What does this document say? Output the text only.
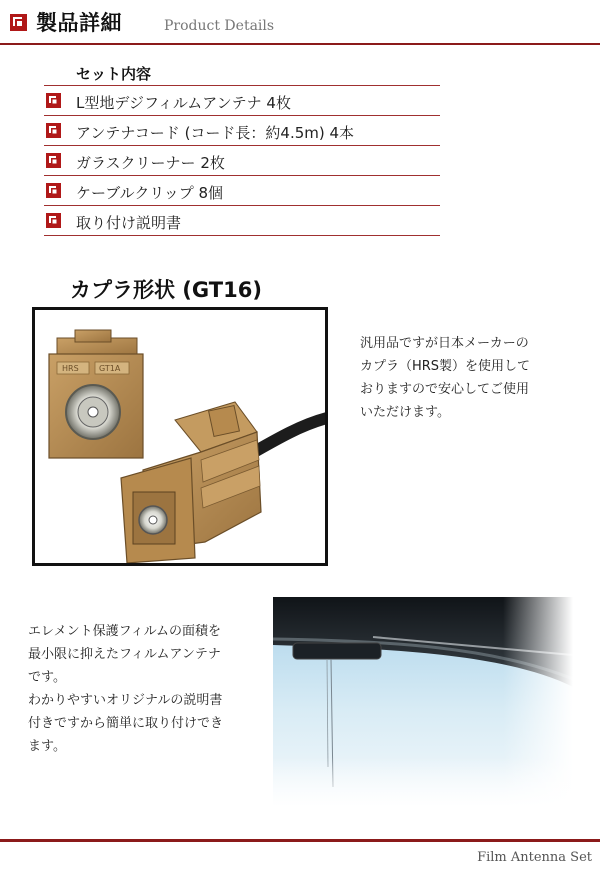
製品詳細	Product Details
セット内容
L型地デジフィルムアンテナ 4枚
アンテナコード (コード長：約4.5m) 4本
ガラスクリーナー 2枚
ケーブルクリップ 8個
取り付け説明書
カプラ形状 (GT16)
HRS	GT1A

汎用品ですが日本メーカーの

カプラ（HRS製）を使用して

おりますので安心してご使用

いただけます。

エレメント保護フィルムの面積を

最小限に抑えたフィルムアンテナ

です。

わかりやすいオリジナルの説明書

付きですから簡単に取り付けでき

ます。

Film Antenna Set
